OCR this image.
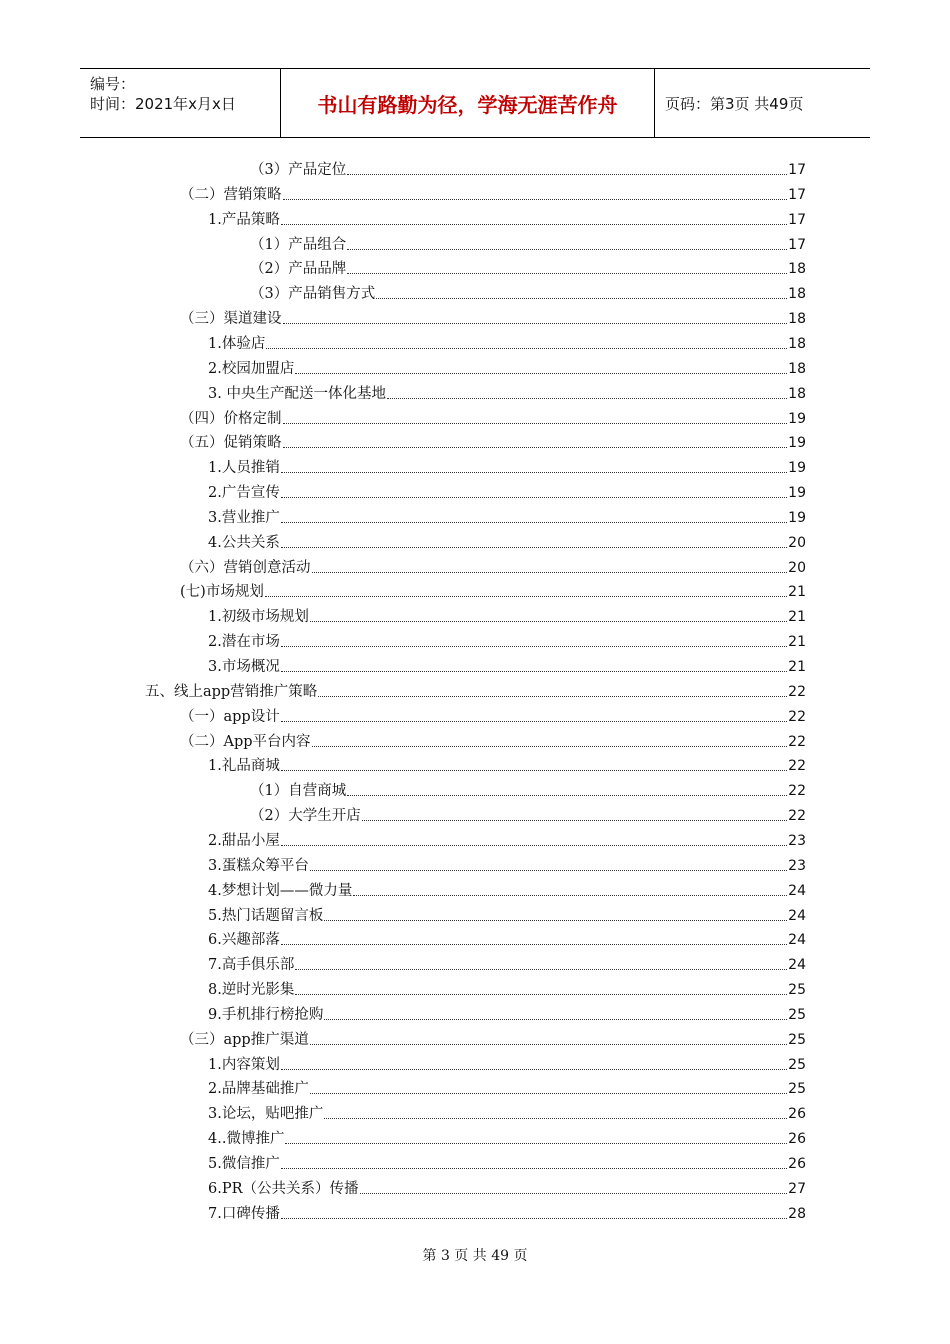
编号：
时间：2021年x月x日	书山有路勤为径，学海无涯苦作舟	页码：第3页 共49页
（3）产品定位	17
（二）营销策略	17
1.产品策略	17
（1）产品组合	17
（2）产品品牌	18
（3）产品销售方式	18
（三）渠道建设	18
1.体验店	18
2.校园加盟店	18
3. 中央生产配送一体化基地	18
（四）价格定制	19
（五）促销策略	19
1.人员推销	19
2.广告宣传	19
3.营业推广	19
4.公共关系	20
（六）营销创意活动	20
(七)市场规划	21
1.初级市场规划	21
2.潜在市场	21
3.市场概况	21
五、线上app营销推广策略	22
（一）app设计	22
（二）App平台内容	22
1.礼品商城	22
（1）自营商城	22
（2）大学生开店	22
2.甜品小屋	23
3.蛋糕众筹平台	23
4.梦想计划——微力量	24
5.热门话题留言板	24
6.兴趣部落	24
7.高手俱乐部	24
8.逆时光影集	25
9.手机排行榜抢购	25
（三）app推广渠道	25
1.内容策划	25
2.品牌基础推广	25
3.论坛，贴吧推广	26
4..微博推广	26
5.微信推广	26
6.PR（公共关系）传播	27
7.口碑传播	28
第 3 页 共 49 页
